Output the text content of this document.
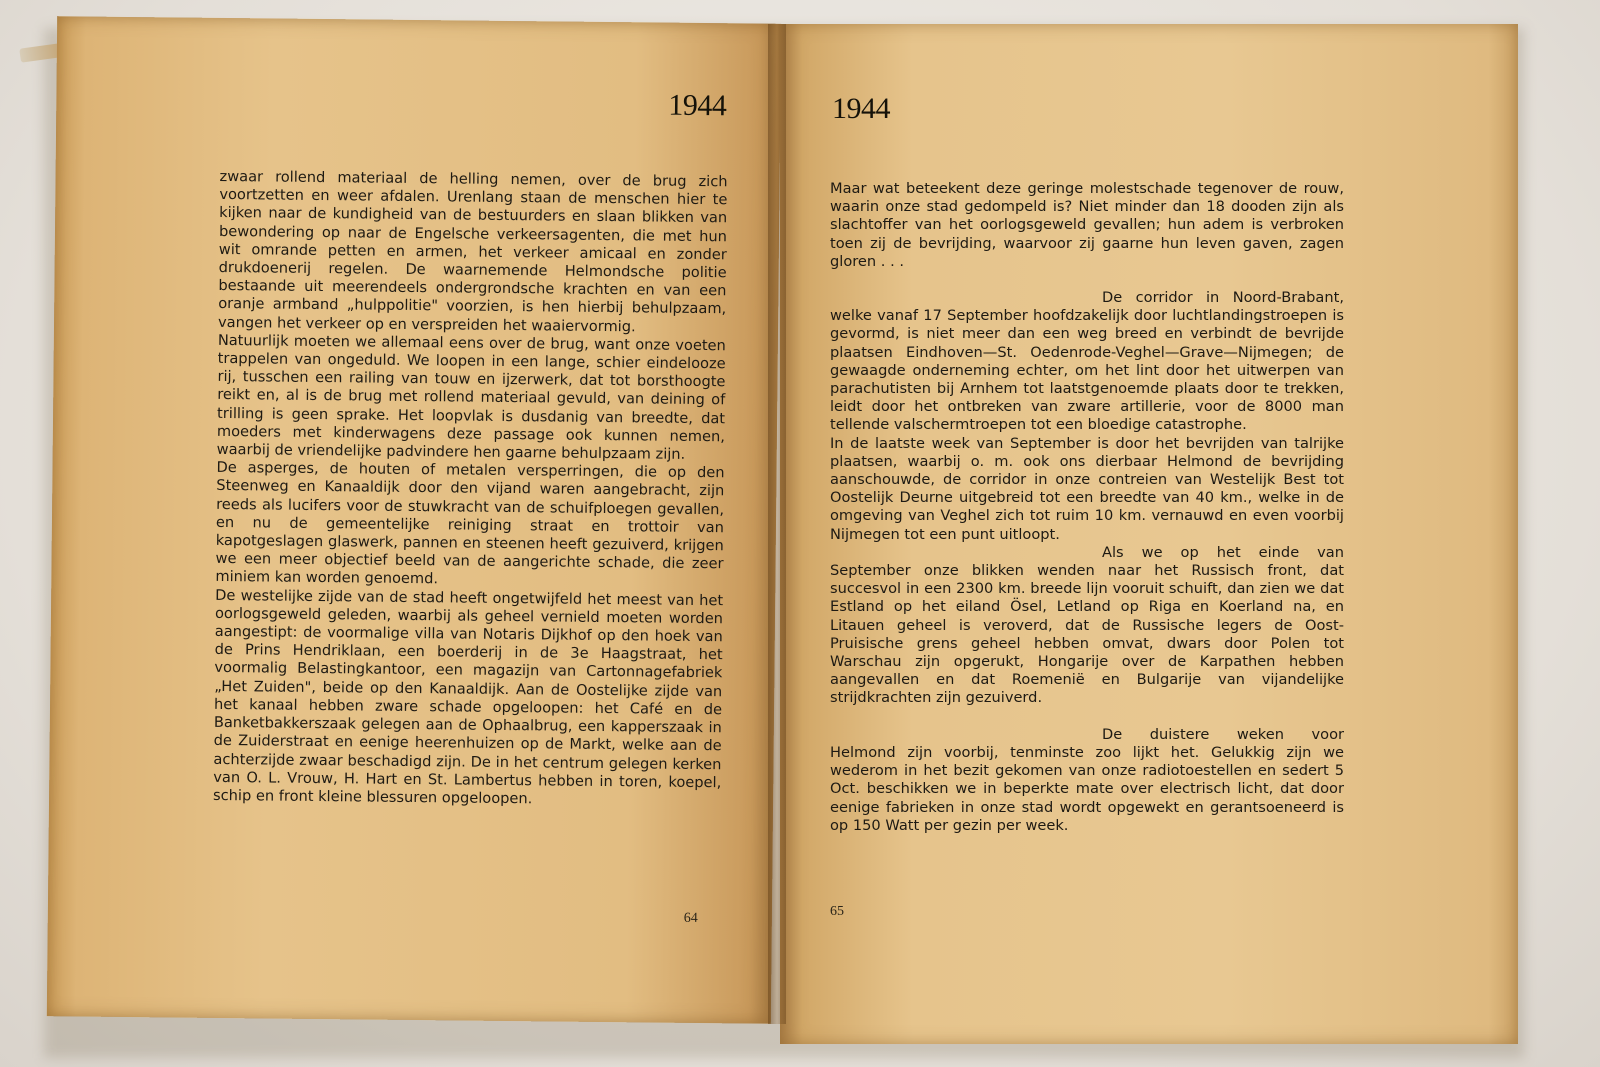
1944

zwaar rollend materiaal de helling nemen, over de brug zich voortzetten en weer afdalen. Urenlang staan de menschen hier te kijken naar de kundigheid van de bestuurders en slaan blikken van bewondering op naar de Engelsche verkeersagenten, die met hun wit omrande petten en armen, het verkeer amicaal en zonder drukdoenerij regelen. De waarnemende Helmondsche politie bestaande uit meerendeels ondergrondsche krachten en van een oranje armband „hulppolitie" voorzien, is hen hierbij behulpzaam, vangen het verkeer op en verspreiden het waaiervormig.

Natuurlijk moeten we allemaal eens over de brug, want onze voeten trappelen van ongeduld. We loopen in een lange, schier eindelooze rij, tusschen een railing van touw en ijzerwerk, dat tot borsthoogte reikt en, al is de brug met rollend materiaal gevuld, van deining of trilling is geen sprake. Het loopvlak is dusdanig van breedte, dat moeders met kinderwagens deze passage ook kunnen nemen, waarbij de vriendelijke padvindere hen gaarne behulpzaam zijn.

De asperges, de houten of metalen versperringen, die op den Steenweg en Kanaaldijk door den vijand waren aangebracht, zijn reeds als lucifers voor de stuwkracht van de schuifploegen gevallen, en nu de gemeentelijke reiniging straat en trottoir van kapotgeslagen glaswerk, pannen en steenen heeft gezuiverd, krijgen we een meer objectief beeld van de aangerichte schade, die zeer miniem kan worden genoemd.

De westelijke zijde van de stad heeft ongetwijfeld het meest van het oorlogsgeweld geleden, waarbij als geheel vernield moeten worden aangestipt: de voormalige villa van Notaris Dijkhof op den hoek van de Prins Hendriklaan, een boerderij in de 3e Haagstraat, het voormalig Belastingkantoor, een magazijn van Cartonnagefabriek „Het Zuiden", beide op den Kanaaldijk. Aan de Oostelijke zijde van het kanaal hebben zware schade opgeloopen: het Café en de Banketbakkerszaak gelegen aan de Ophaalbrug, een kapperszaak in de Zuiderstraat en eenige heerenhuizen op de Markt, welke aan de achterzijde zwaar beschadigd zijn. De in het centrum gelegen kerken van O. L. Vrouw, H. Hart en St. Lambertus hebben in toren, koepel, schip en front kleine blessuren opgeloopen.

64
1944

Maar wat beteekent deze geringe molestschade tegenover de rouw, waarin onze stad gedompeld is? Niet minder dan 18 dooden zijn als slachtoffer van het oorlogsgeweld gevallen; hun adem is verbroken toen zij de bevrijding, waarvoor zij gaarne hun leven gaven, zagen gloren . . .

De corridor in Noord-Brabant, welke vanaf 17 September hoofdzakelijk door luchtlandingstroepen is gevormd, is niet meer dan een weg breed en verbindt de bevrijde plaatsen Eindhoven—St. Oedenrode-Veghel—Grave—Nijmegen; de gewaagde onderneming echter, om het lint door het uitwerpen van parachutisten bij Arnhem tot laatstgenoemde plaats door te trekken, leidt door het ontbreken van zware artillerie, voor de 8000 man tellende valschermtroepen tot een bloedige catastrophe.

In de laatste week van September is door het bevrijden van talrijke plaatsen, waarbij o. m. ook ons dierbaar Helmond de bevrijding aanschouwde, de corridor in onze contreien van Westelijk Best tot Oostelijk Deurne uitgebreid tot een breedte van 40 km., welke in de omgeving van Veghel zich tot ruim 10 km. vernauwd en even voorbij Nijmegen tot een punt uitloopt.

Als we op het einde van September onze blikken wenden naar het Russisch front, dat succesvol in een 2300 km. breede lijn vooruit schuift, dan zien we dat Estland op het eiland Ösel, Letland op Riga en Koerland na, en Litauen geheel is veroverd, dat de Russische legers de Oost-Pruisische grens geheel hebben omvat, dwars door Polen tot Warschau zijn opgerukt, Hongarije over de Karpathen hebben aangevallen en dat Roemenië en Bulgarije van vijandelijke strijdkrachten zijn gezuiverd.

De duistere weken voor Helmond zijn voorbij, tenminste zoo lijkt het. Gelukkig zijn we wederom in het bezit gekomen van onze radiotoestellen en sedert 5 Oct. beschikken we in beperkte mate over electrisch licht, dat door eenige fabrieken in onze stad wordt opgewekt en gerantsoeneerd is op 150 Watt per gezin per week.

65
